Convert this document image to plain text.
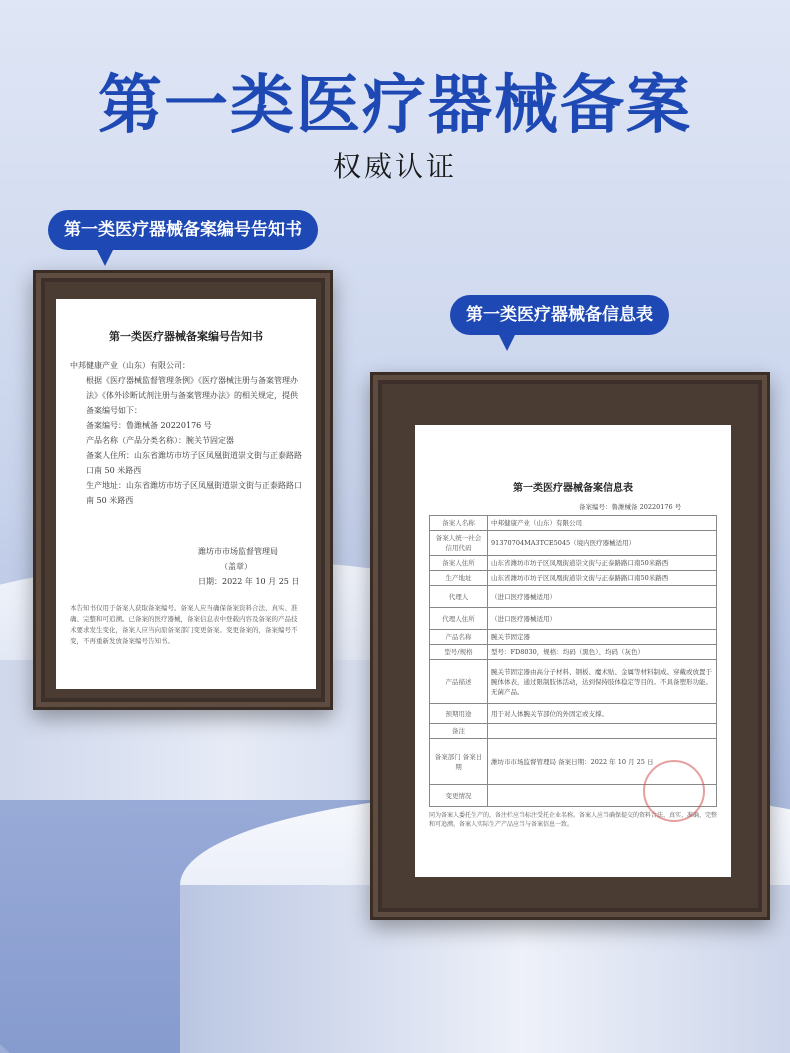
第一类医疗器械备案
权威认证
第一类医疗器械备案编号告知书
第一类医疗器械备信息表
第一类医疗器械备案编号告知书
中邦健康产业（山东）有限公司：
根据《医疗器械监督管理条例》《医疗器械注册与备案管理办法》《体外诊断试剂注册与备案管理办法》的相关规定，提供备案编号如下：
备案编号：鲁潍械备 20220176 号
产品名称（产品分类名称）：腕关节固定器
备案人住所：山东省潍坊市坊子区凤凰街道崇文街与正泰路路口南 50 米路西
生产地址：山东省潍坊市坊子区凤凰街道崇文街与正泰路路口南 50 米路西
潍坊市市场监督管理局
（盖章）
日期：2022 年 10 月 25 日
本告知书仅用于备案人获取备案编号。备案人应当确保备案资料合法、真实、准确、完整和可追溯。已备案的医疗器械，备案信息表中登载内容及备案的产品技术要求发生变化，备案人应当向原备案部门变更备案。变更备案的，备案编号不变，不再重新发放备案编号告知书。
第一类医疗器械备案信息表
备案编号：鲁潍械备 20220176 号
备案人名称	中邦健康产业（山东）有限公司
备案人统一社会信用代码	91370704MA3TCE5045（境内医疗器械适用）
备案人住所	山东省潍坊市坊子区凤凰街道崇文街与正泰路路口南50米路西
生产地址	山东省潍坊市坊子区凤凰街道崇文街与正泰路路口南50米路西
代理人	（进口医疗器械适用）
代理人住所	（进口医疗器械适用）
产品名称	腕关节固定器
型号/规格	型号：FD8030，规格：均码（黑色）、均码（灰色）
产品描述	腕关节固定器由高分子材料、钢板、魔术贴、金属等材料制成。穿戴或放置于腕体体表，通过限制肢体活动，达到保持肢体稳定等目的。不具备塑形功能。无菌产品。
预期用途	用于对人体腕关节部位的外固定或支撑。
备注	
备案部门 备案日期	潍坊市市场监督管理局 备案日期：2022 年 10 月 25 日
变更情况	
同为备案人委托生产的，备注栏应当标注受托企业名称。备案人应当确保提交的资料合法、真实、准确、完整和可追溯。备案人实际生产产品应当与备案信息一致。
